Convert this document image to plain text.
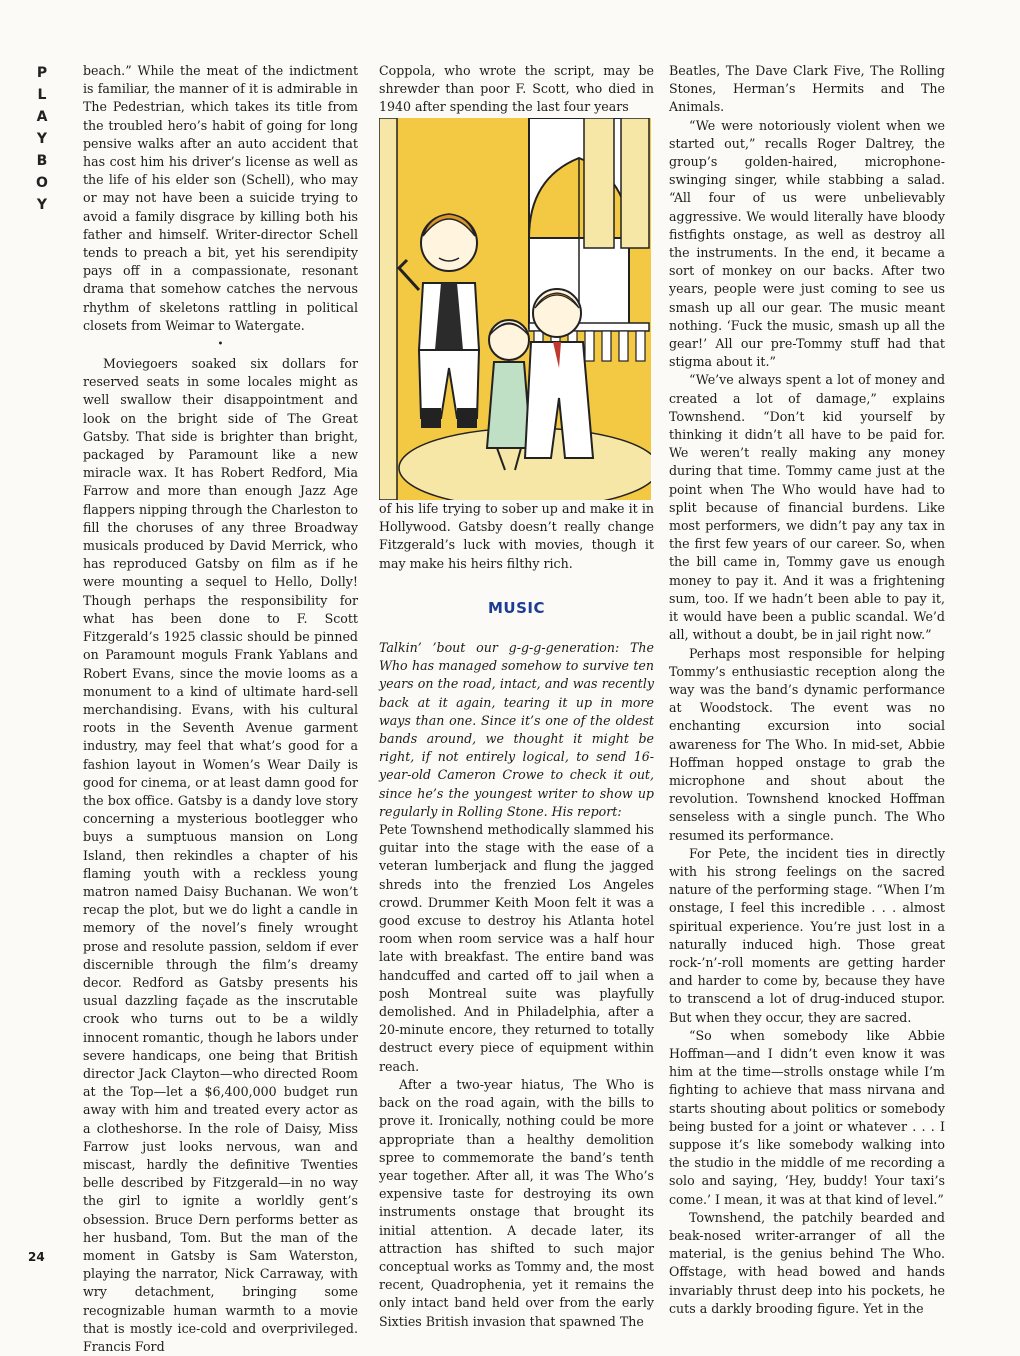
P
L
A
Y
B
O
Y
24

beach.” While the meat of the indictment is familiar, the manner of it is admirable in The Pedestrian, which takes its title from the troubled hero’s habit of going for long pensive walks after an auto accident that has cost him his driver’s license as well as the life of his elder son (Schell), who may or may not have been a suicide trying to avoid a family disgrace by killing both his father and himself. Writer-director Schell tends to preach a bit, yet his serendipity pays off in a compassionate, resonant drama that somehow catches the nervous rhythm of skeletons rattling in political closets from Weimar to Watergate.

•

Moviegoers soaked six dollars for reserved seats in some locales might as well swallow their disappointment and look on the bright side of The Great Gatsby. That side is brighter than bright, packaged by Paramount like a new miracle wax. It has Robert Redford, Mia Farrow and more than enough Jazz Age flappers nipping through the Charleston to fill the choruses of any three Broadway musicals produced by David Merrick, who has reproduced Gatsby on film as if he were mounting a sequel to Hello, Dolly! Though perhaps the responsibility for what has been done to F. Scott Fitzgerald’s 1925 classic should be pinned on Paramount moguls Frank Yablans and Robert Evans, since the movie looms as a monument to a kind of ultimate hard-sell merchandising. Evans, with his cultural roots in the Seventh Avenue garment industry, may feel that what’s good for a fashion layout in Women’s Wear Daily is good for cinema, or at least damn good for the box office. Gatsby is a dandy love story concerning a mysterious bootlegger who buys a sumptuous mansion on Long Island, then rekindles a chapter of his flaming youth with a reckless young matron named Daisy Buchanan. We won’t recap the plot, but we do light a candle in memory of the novel’s finely wrought prose and resolute passion, seldom if ever discernible through the film’s dreamy decor. Redford as Gatsby presents his usual dazzling façade as the inscrutable crook who turns out to be a wildly innocent romantic, though he labors under severe handicaps, one being that British director Jack Clayton—who directed Room at the Top—let a $6,400,000 budget run away with him and treated every actor as a clotheshorse. In the role of Daisy, Miss Farrow just looks nervous, wan and miscast, hardly the definitive Twenties belle described by Fitzgerald—in no way the girl to ignite a worldly gent’s obsession. Bruce Dern performs better as her husband, Tom. But the man of the moment in Gatsby is Sam Waterston, playing the narrator, Nick Carraway, with wry detachment, bringing some recognizable human warmth to a movie that is mostly ice-cold and overprivileged. Francis Ford

Coppola, who wrote the script, may be shrewder than poor F. Scott, who died in 1940 after spending the last four years

of his life trying to sober up and make it in Hollywood. Gatsby doesn’t really change Fitzgerald’s luck with movies, though it may make his heirs filthy rich.

MUSIC

Talkin’ ’bout our g-g-g-generation: The Who has managed somehow to survive ten years on the road, intact, and was recently back at it again, tearing it up in more ways than one. Since it’s one of the oldest bands around, we thought it might be right, if not entirely logical, to send 16-year-old Cameron Crowe to check it out, since he’s the youngest writer to show up regularly in Rolling Stone. His report:

Pete Townshend methodically slammed his guitar into the stage with the ease of a veteran lumberjack and flung the jagged shreds into the frenzied Los Angeles crowd. Drummer Keith Moon felt it was a good excuse to destroy his Atlanta hotel room when room service was a half hour late with breakfast. The entire band was handcuffed and carted off to jail when a posh Montreal suite was playfully demolished. And in Philadelphia, after a 20-minute encore, they returned to totally destruct every piece of equipment within reach.

After a two-year hiatus, The Who is back on the road again, with the bills to prove it. Ironically, nothing could be more appropriate than a healthy demolition spree to commemorate the band’s tenth year together. After all, it was The Who’s expensive taste for destroying its own instruments onstage that brought its initial attention. A decade later, its attraction has shifted to such major conceptual works as Tommy and, the most recent, Quadrophenia, yet it remains the only intact band held over from the early Sixties British invasion that spawned The

Beatles, The Dave Clark Five, The Rolling Stones, Herman’s Hermits and The Animals.

“We were notoriously violent when we started out,” recalls Roger Daltrey, the group’s golden-haired, microphone-swinging singer, while stabbing a salad. “All four of us were unbelievably aggressive. We would literally have bloody fistfights onstage, as well as destroy all the instruments. In the end, it became a sort of monkey on our backs. After two years, people were just coming to see us smash up all our gear. The music meant nothing. ‘Fuck the music, smash up all the gear!’ All our pre-Tommy stuff had that stigma about it.”

“We’ve always spent a lot of money and created a lot of damage,” explains Townshend. “Don’t kid yourself by thinking it didn’t all have to be paid for. We weren’t really making any money during that time. Tommy came just at the point when The Who would have had to split because of financial burdens. Like most performers, we didn’t pay any tax in the first few years of our career. So, when the bill came in, Tommy gave us enough money to pay it. And it was a frightening sum, too. If we hadn’t been able to pay it, it would have been a public scandal. We’d all, without a doubt, be in jail right now.”

Perhaps most responsible for helping Tommy’s enthusiastic reception along the way was the band’s dynamic performance at Woodstock. The event was no enchanting excursion into social awareness for The Who. In mid-set, Abbie Hoffman hopped onstage to grab the microphone and shout about the revolution. Townshend knocked Hoffman senseless with a single punch. The Who resumed its performance.

For Pete, the incident ties in directly with his strong feelings on the sacred nature of the performing stage. “When I’m onstage, I feel this incredible . . . almost spiritual experience. You’re just lost in a naturally induced high. Those great rock-’n’-roll moments are getting harder and harder to come by, because they have to transcend a lot of drug-induced stupor. But when they occur, they are sacred.

“So when somebody like Abbie Hoffman—and I didn’t even know it was him at the time—strolls onstage while I’m fighting to achieve that mass nirvana and starts shouting about politics or somebody being busted for a joint or whatever . . . I suppose it’s like somebody walking into the studio in the middle of me recording a solo and saying, ‘Hey, buddy! Your taxi’s come.’ I mean, it was at that kind of level.”

Townshend, the patchily bearded and beak-nosed writer-arranger of all the material, is the genius behind The Who. Offstage, with head bowed and hands invariably thrust deep into his pockets, he cuts a darkly brooding figure. Yet in the
